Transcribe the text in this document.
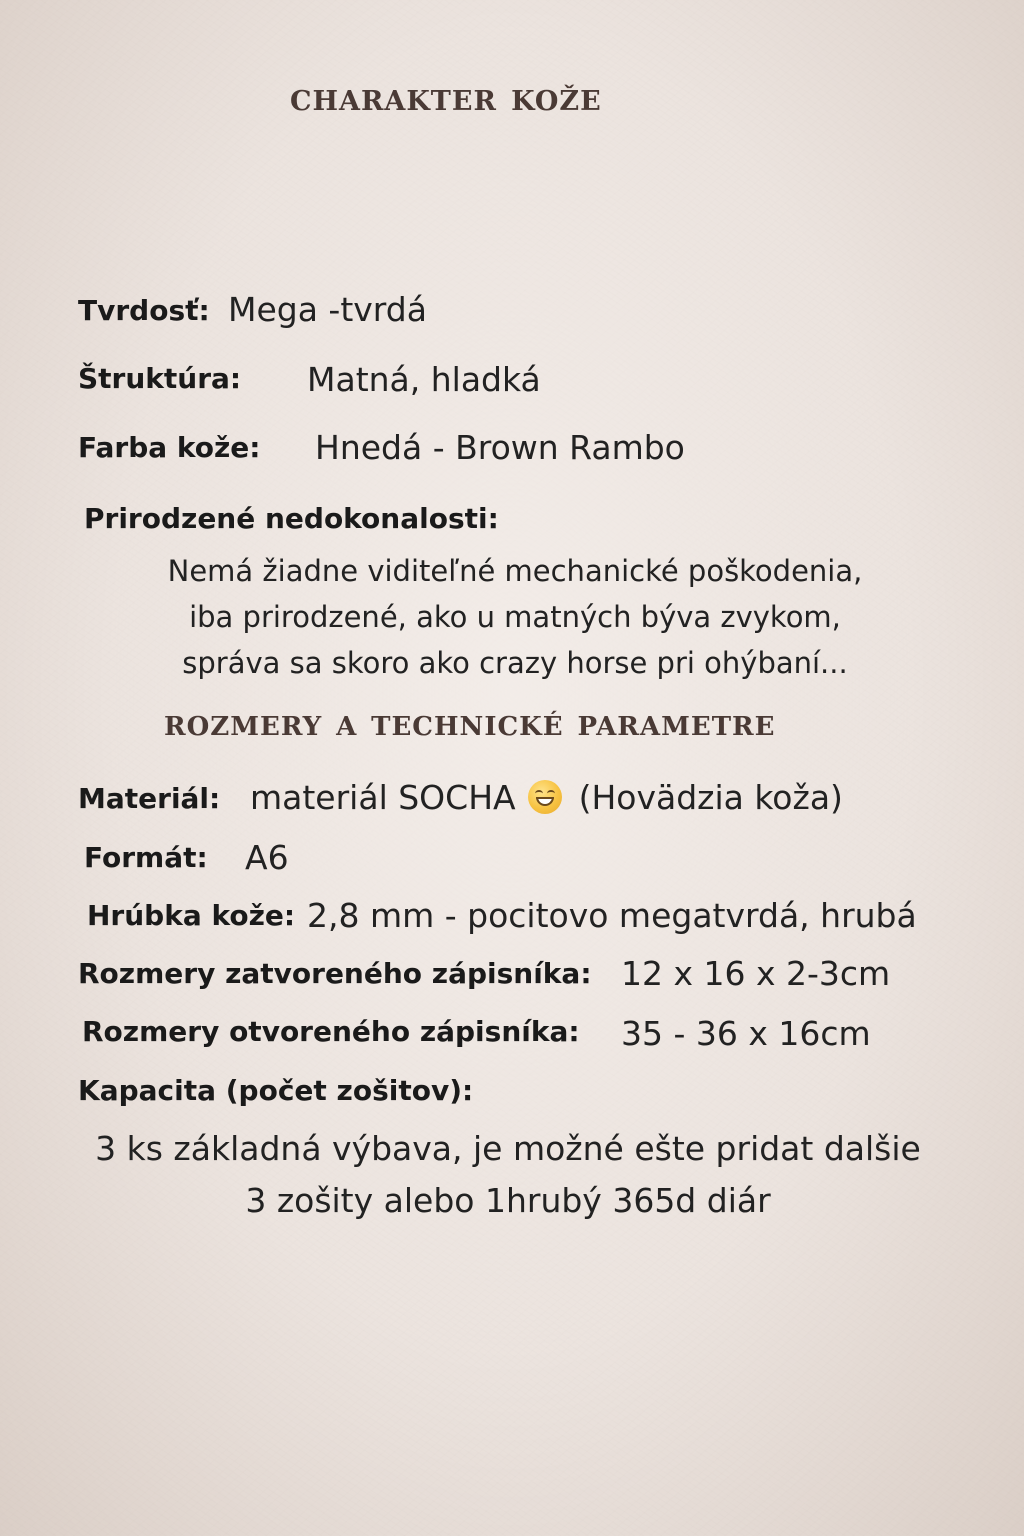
charakter kože
Tvrdosť: Mega -tvrdá
Štruktúra: Matná, hladká
Farba kože: Hnedá - Brown Rambo
Prirodzené nedokonalosti:
Nemá žiadne viditeľné mechanické poškodenia,
iba prirodzené, ako u matných býva zvykom,
správa sa skoro ako crazy horse pri ohýbaní...
rozmery a technické parametre
Materiál: materiál SOCHA (Hovädzia koža)
Formát: A6
Hrúbka kože: 2,8 mm - pocitovo megatvrdá, hrubá
Rozmery zatvoreného zápisníka: 12 x 16 x 2-3cm
Rozmery otvoreného zápisníka: 35 - 36 x 16cm
Kapacita (počet zošitov):
3 ks základná výbava, je možné ešte pridat dalšie
3 zošity alebo 1hrubý 365d diár
